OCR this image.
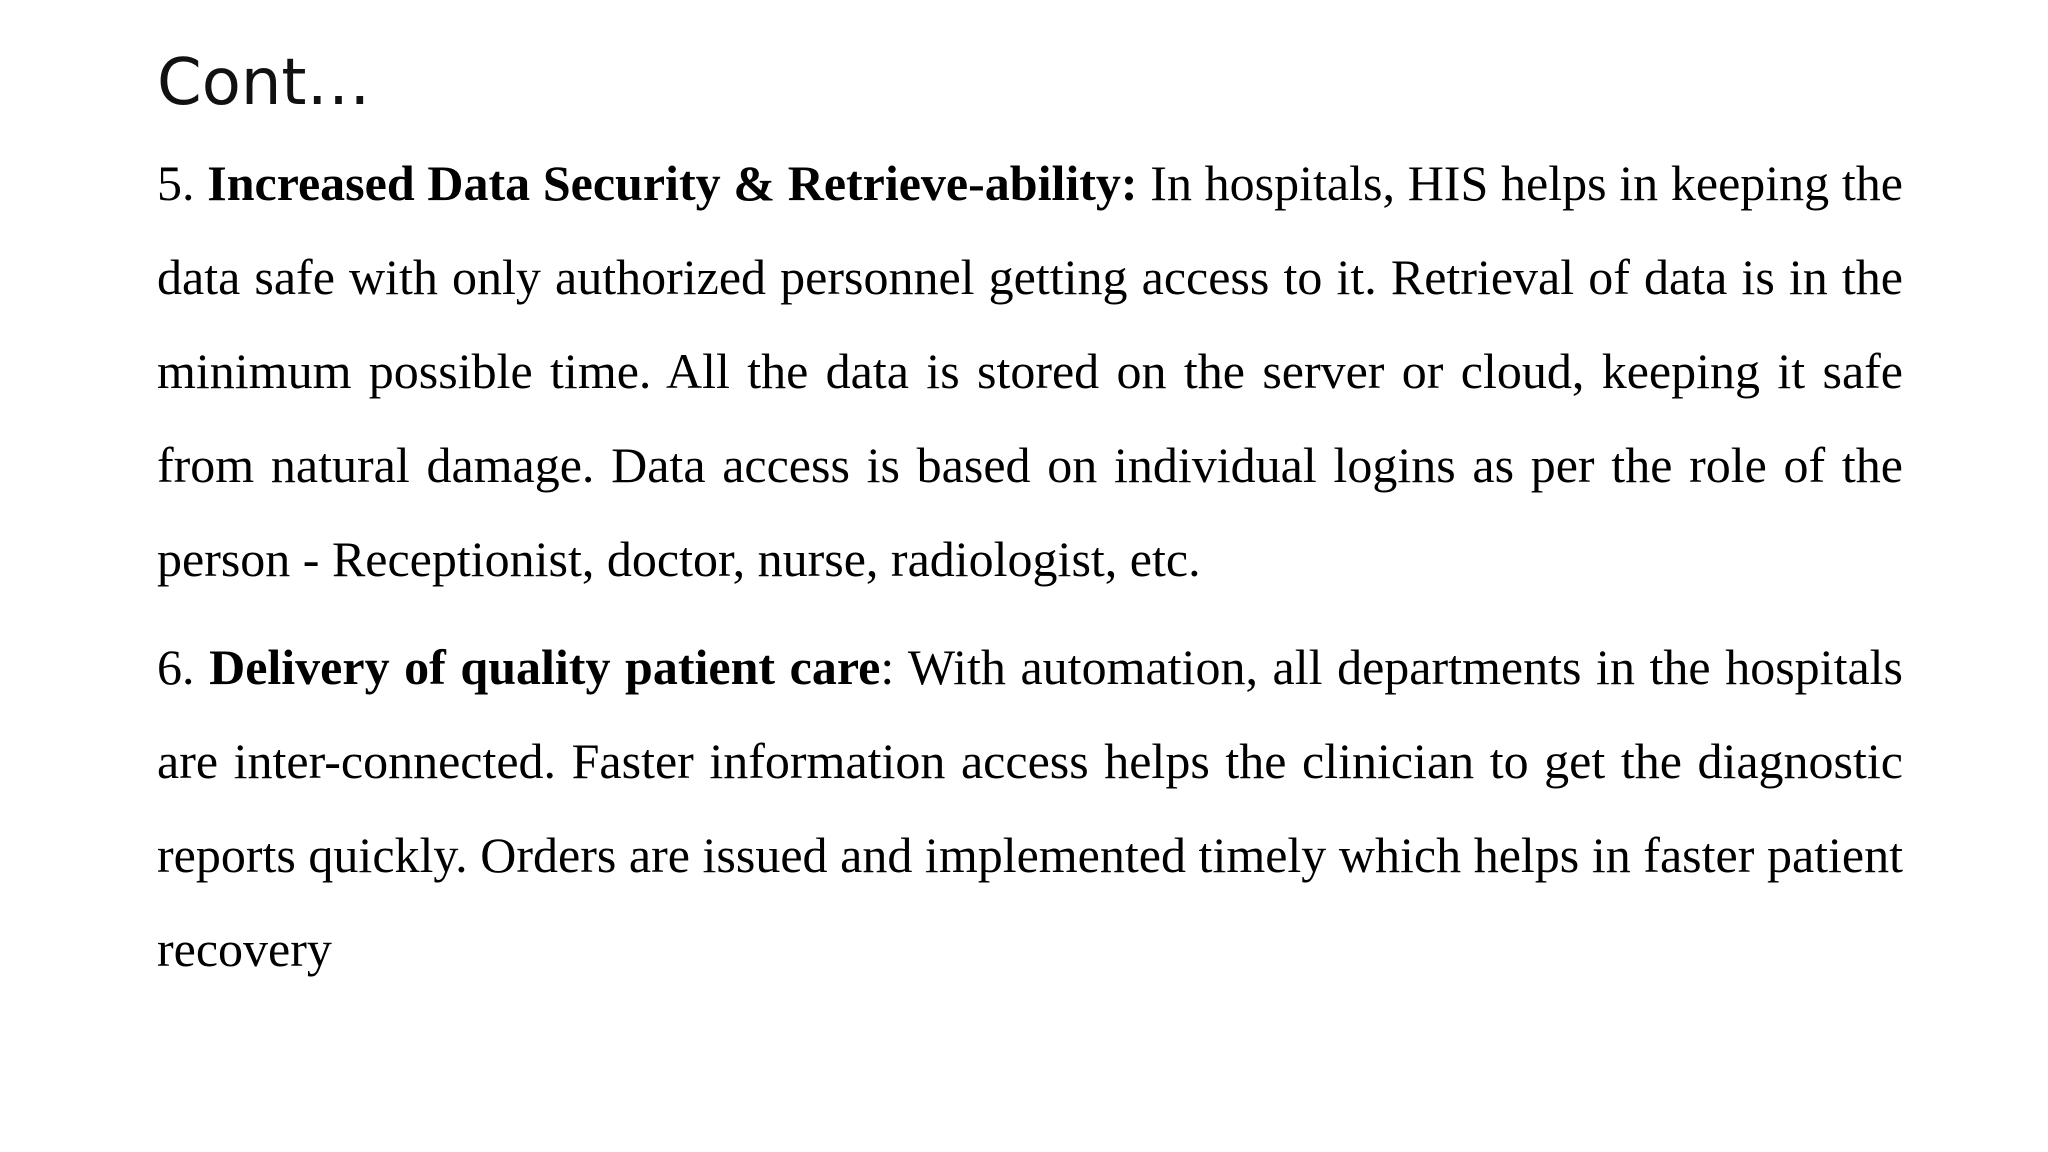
Cont…

5. Increased Data Security & Retrieve-ability: In hospitals, HIS helps in keeping the data safe with only authorized personnel getting access to it. Retrieval of data is in the minimum possible time. All the data is stored on the server or cloud, keeping it safe from natural damage. Data access is based on individual logins as per the role of the person - Receptionist, doctor, nurse, radiologist, etc.

6. Delivery of quality patient care: With automation, all departments in the hospitals are inter-connected. Faster information access helps the clinician to get the diagnostic reports quickly. Orders are issued and implemented timely which helps in faster patient recovery
